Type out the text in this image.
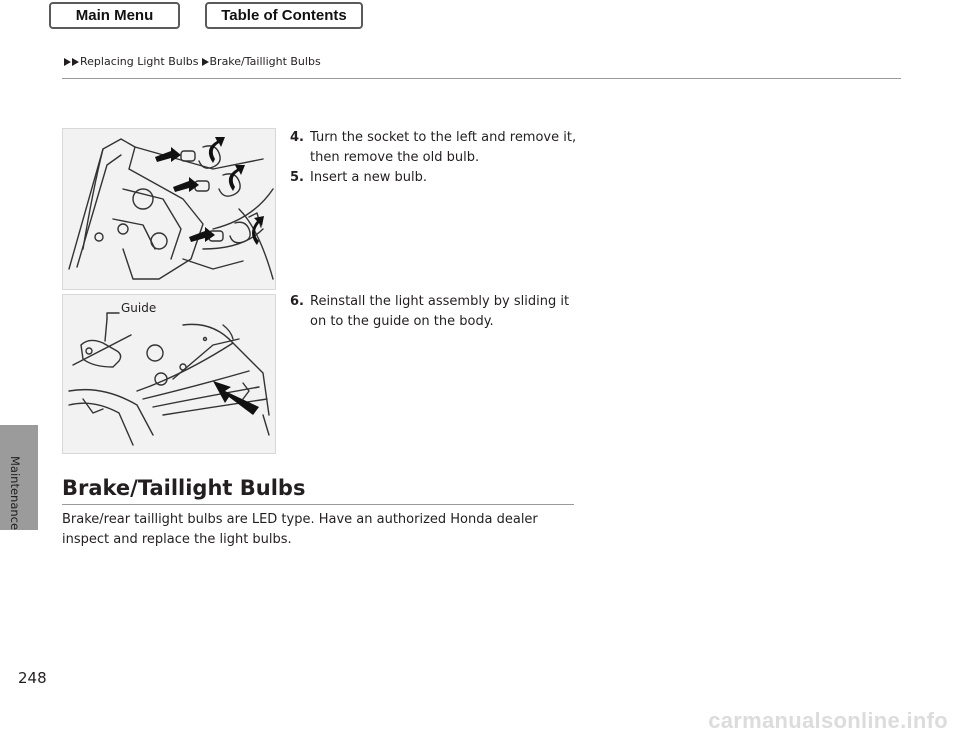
Main Menu	Table of Contents
Replacing Light Bulbs Brake/Taillight Bulbs
Maintenance
4. Turn the socket to the left and remove it, then remove the old bulb.
5. Insert a new bulb.
Guide	6. Reinstall the light assembly by sliding it on to the guide on the body.
Brake/Taillight Bulbs
Brake/rear taillight bulbs are LED type. Have an authorized Honda dealer inspect and replace the light bulbs.
248
carmanualsonline.info
